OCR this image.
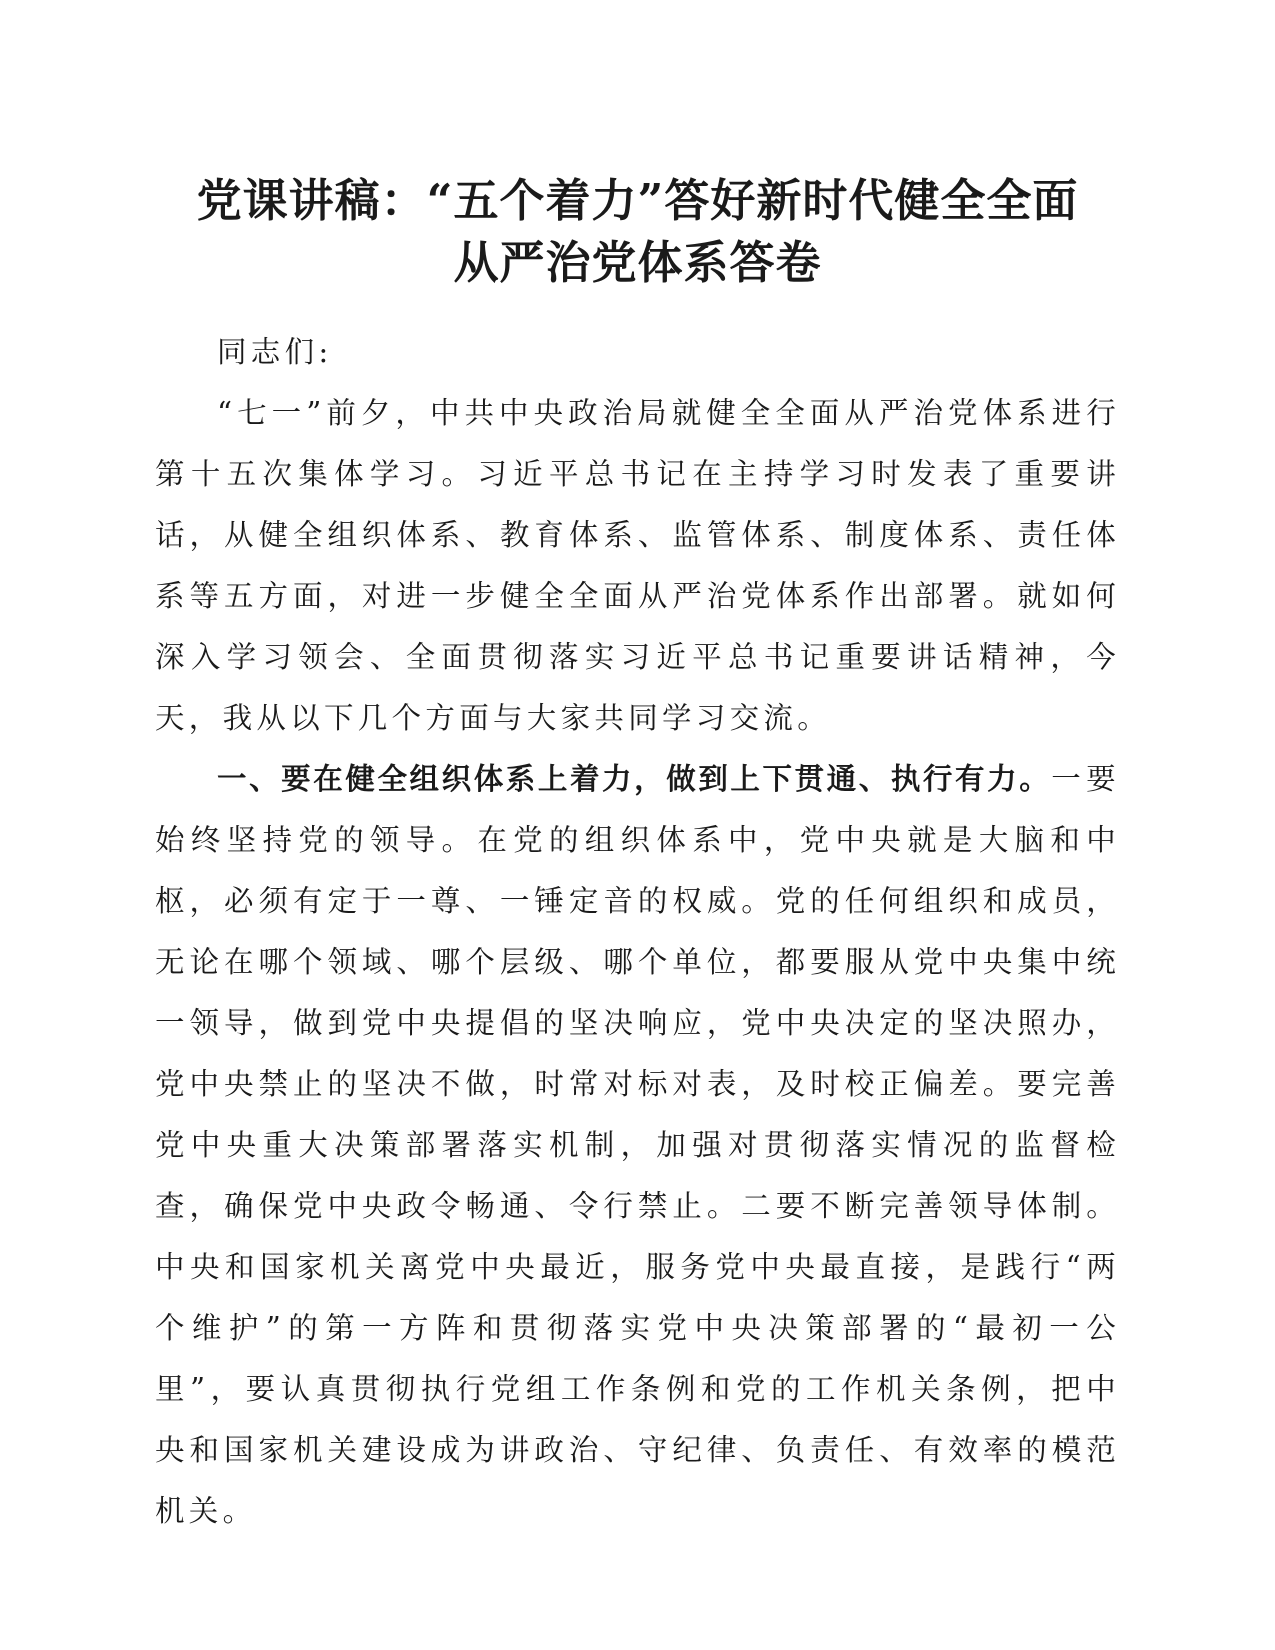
党课讲稿：“五个着力”答好新时代健全全面
从严治党体系答卷

同志们:

“七一”前夕，中共中央政治局就健全全面从严治党体系进行第十五次集体学习。习近平总书记在主持学习时发表了重要讲话，从健全组织体系、教育体系、监管体系、制度体系、责任体系等五方面，对进一步健全全面从严治党体系作出部署。就如何深入学习领会、全面贯彻落实习近平总书记重要讲话精神，今天，我从以下几个方面与大家共同学习交流。

一、要在健全组织体系上着力，做到上下贯通、执行有力。一要始终坚持党的领导。在党的组织体系中，党中央就是大脑和中枢，必须有定于一尊、一锤定音的权威。党的任何组织和成员，无论在哪个领域、哪个层级、哪个单位，都要服从党中央集中统一领导，做到党中央提倡的坚决响应，党中央决定的坚决照办，党中央禁止的坚决不做，时常对标对表，及时校正偏差。要完善党中央重大决策部署落实机制，加强对贯彻落实情况的监督检查，确保党中央政令畅通、令行禁止。二要不断完善领导体制。中央和国家机关离党中央最近，服务党中央最直接，是践行“两个维护”的第一方阵和贯彻落实党中央决策部署的“最初一公里”，要认真贯彻执行党组工作条例和党的工作机关条例，把中央和国家机关建设成为讲政治、守纪律、负责任、有效率的模范机关。
